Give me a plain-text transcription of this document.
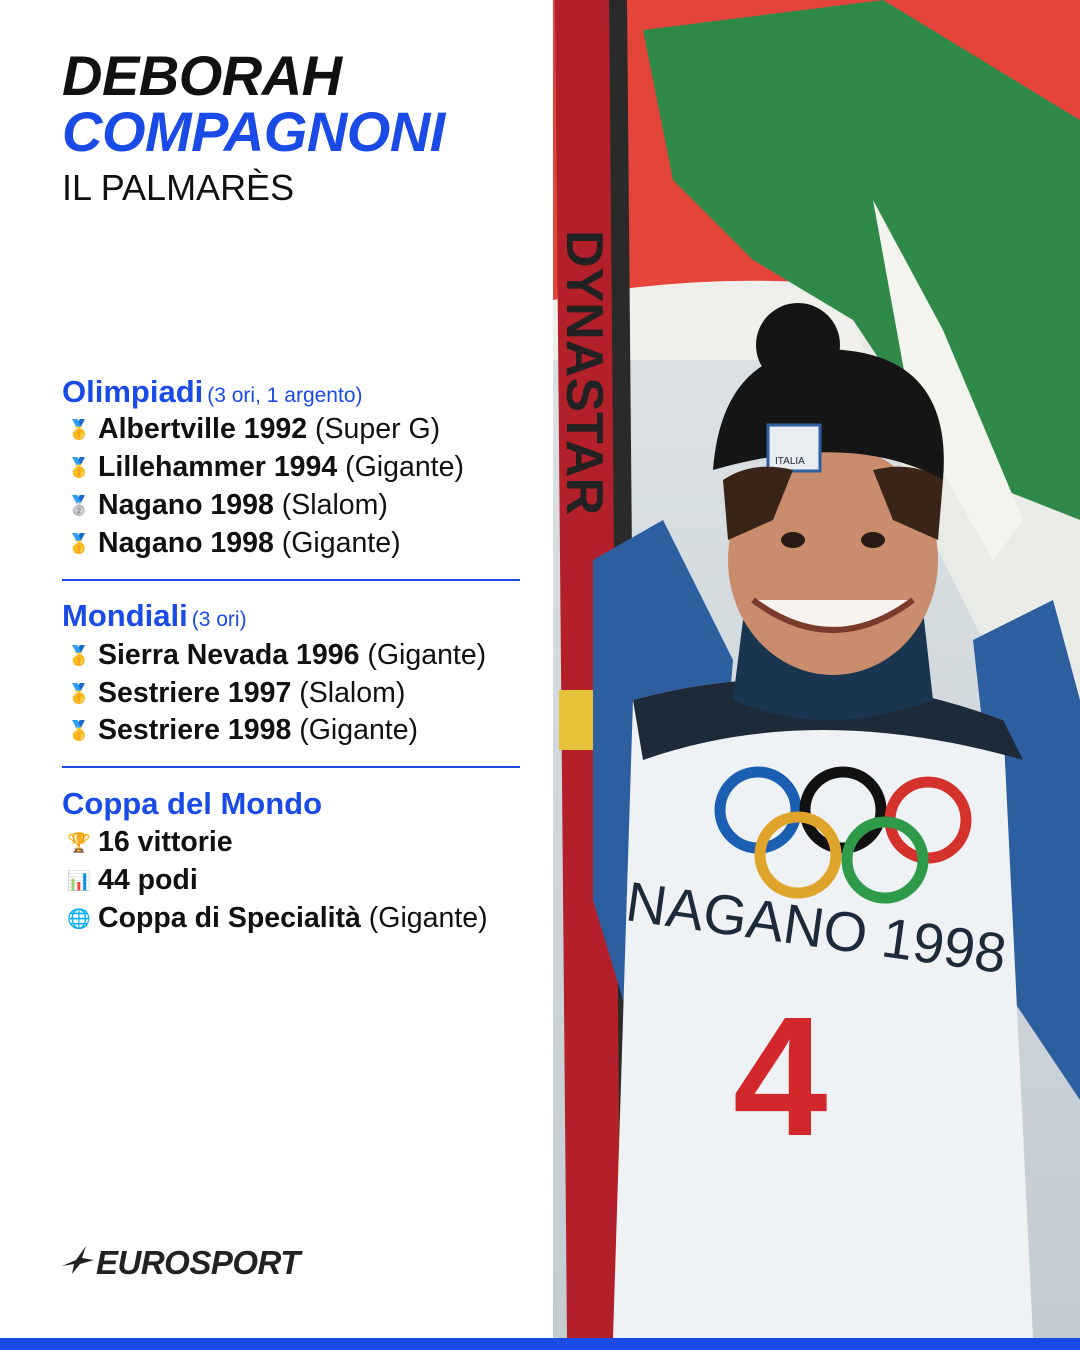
DEBORAH
COMPAGNONI
IL PALMARÈS
Olimpiadi (3 ori, 1 argento)
🥇 Albertville 1992 (Super G)
🥇 Lillehammer 1994 (Gigante)
🥈 Nagano 1998 (Slalom)
🥇 Nagano 1998 (Gigante)
Mondiali (3 ori)
🥇 Sierra Nevada 1996 (Gigante)
🥇 Sestriere 1997 (Slalom)
🥇 Sestriere 1998 (Gigante)
Coppa del Mondo
🏆 16 vittorie
📊 44 podi
🌐 Coppa di Specialità (Gigante)
EUROSPORT
DYNASTAR
NAGANO 1998
4
ITALIA
